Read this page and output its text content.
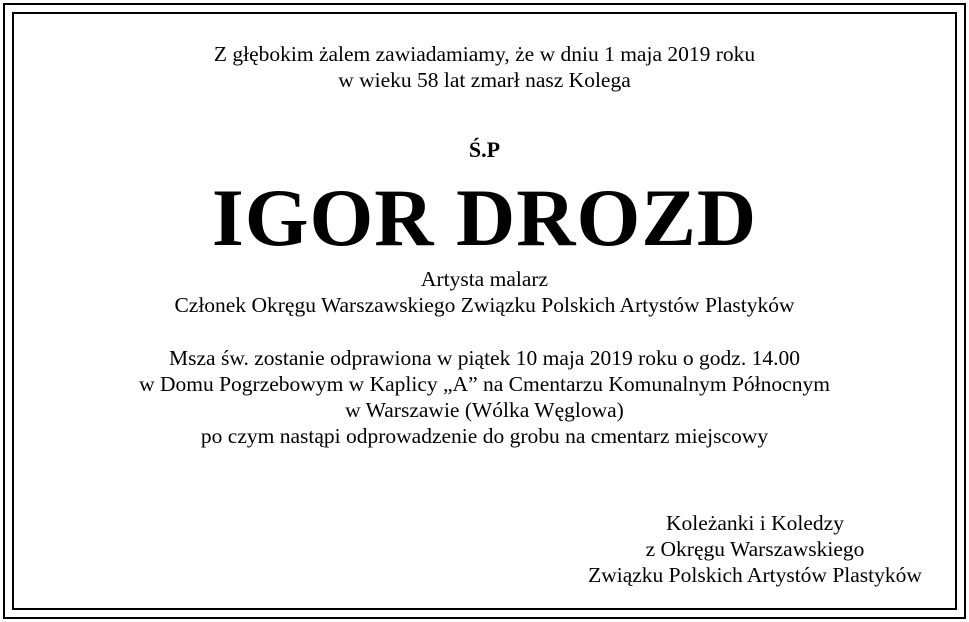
Z głębokim żalem zawiadamiamy, że w dniu 1 maja 2019 roku
w wieku 58 lat zmarł nasz Kolega
Ś.P
IGOR DROZD
Artysta malarz
Członek Okręgu Warszawskiego Związku Polskich Artystów Plastyków
Msza św. zostanie odprawiona w piątek 10 maja 2019 roku o godz. 14.00
w Domu Pogrzebowym w Kaplicy „A” na Cmentarzu Komunalnym Północnym
w Warszawie (Wólka Węglowa)
po czym nastąpi odprowadzenie do grobu na cmentarz miejscowy
Koleżanki i Koledzy
z Okręgu Warszawskiego
Związku Polskich Artystów Plastyków
